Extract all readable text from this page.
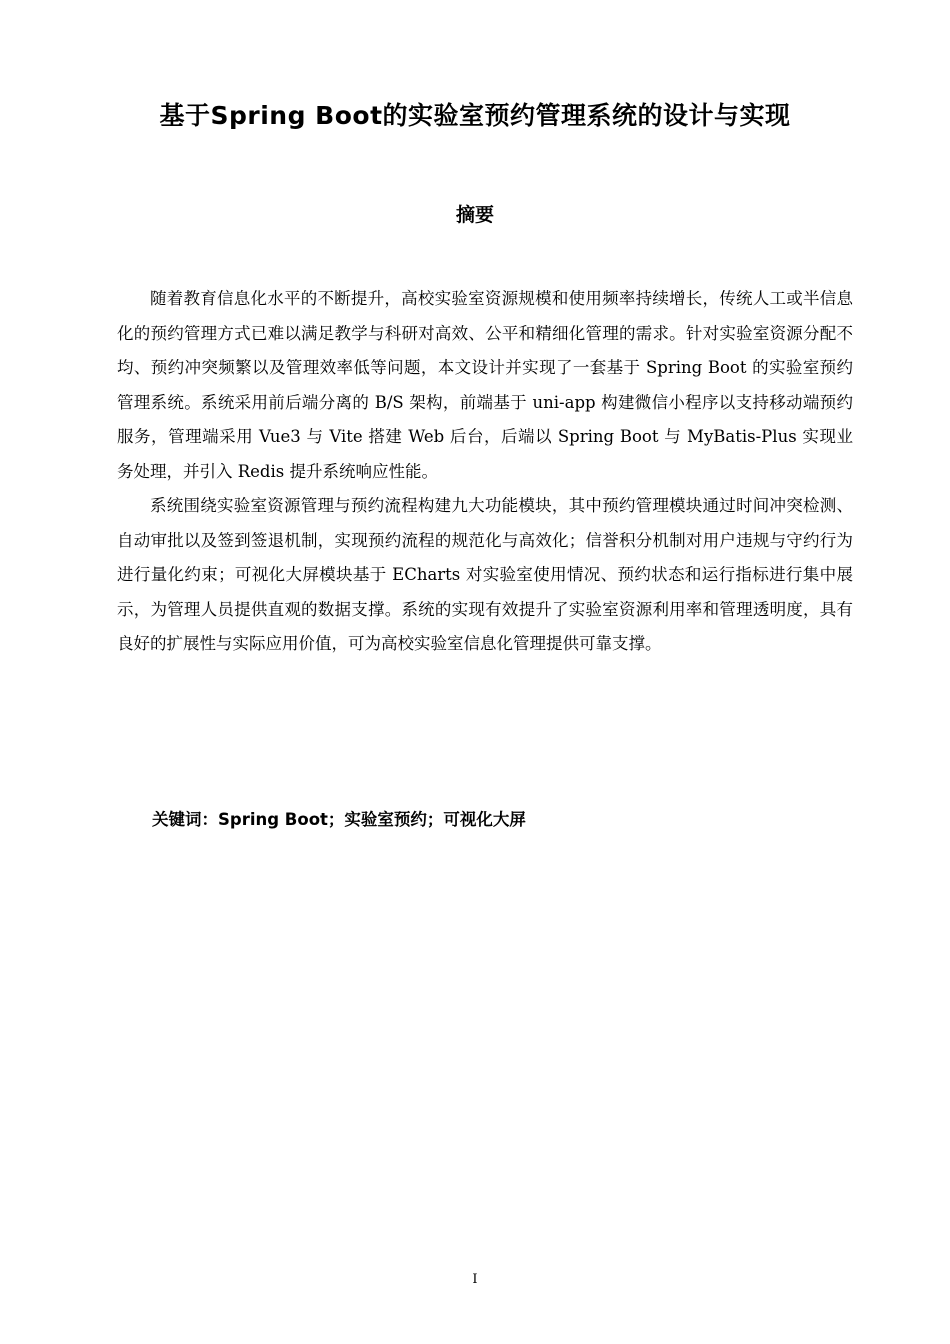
基于Spring Boot的实验室预约管理系统的设计与实现
摘要

随着教育信息化水平的不断提升，高校实验室资源规模和使用频率持续增长，传统人工或半信息化的预约管理方式已难以满足教学与科研对高效、公平和精细化管理的需求。针对实验室资源分配不均、预约冲突频繁以及管理效率低等问题，本文设计并实现了一套基于 Spring Boot 的实验室预约管理系统。系统采用前后端分离的 B/S 架构，前端基于 uni-app 构建微信小程序以支持移动端预约服务，管理端采用 Vue3 与 Vite 搭建 Web 后台，后端以 Spring Boot 与 MyBatis-Plus 实现业务处理，并引入 Redis 提升系统响应性能。

系统围绕实验室资源管理与预约流程构建九大功能模块，其中预约管理模块通过时间冲突检测、自动审批以及签到签退机制，实现预约流程的规范化与高效化；信誉积分机制对用户违规与守约行为进行量化约束；可视化大屏模块基于 ECharts 对实验室使用情况、预约状态和运行指标进行集中展示，为管理人员提供直观的数据支撑。系统的实现有效提升了实验室资源利用率和管理透明度，具有良好的扩展性与实际应用价值，可为高校实验室信息化管理提供可靠支撑。

关键词：Spring Boot；实验室预约；可视化大屏
I
